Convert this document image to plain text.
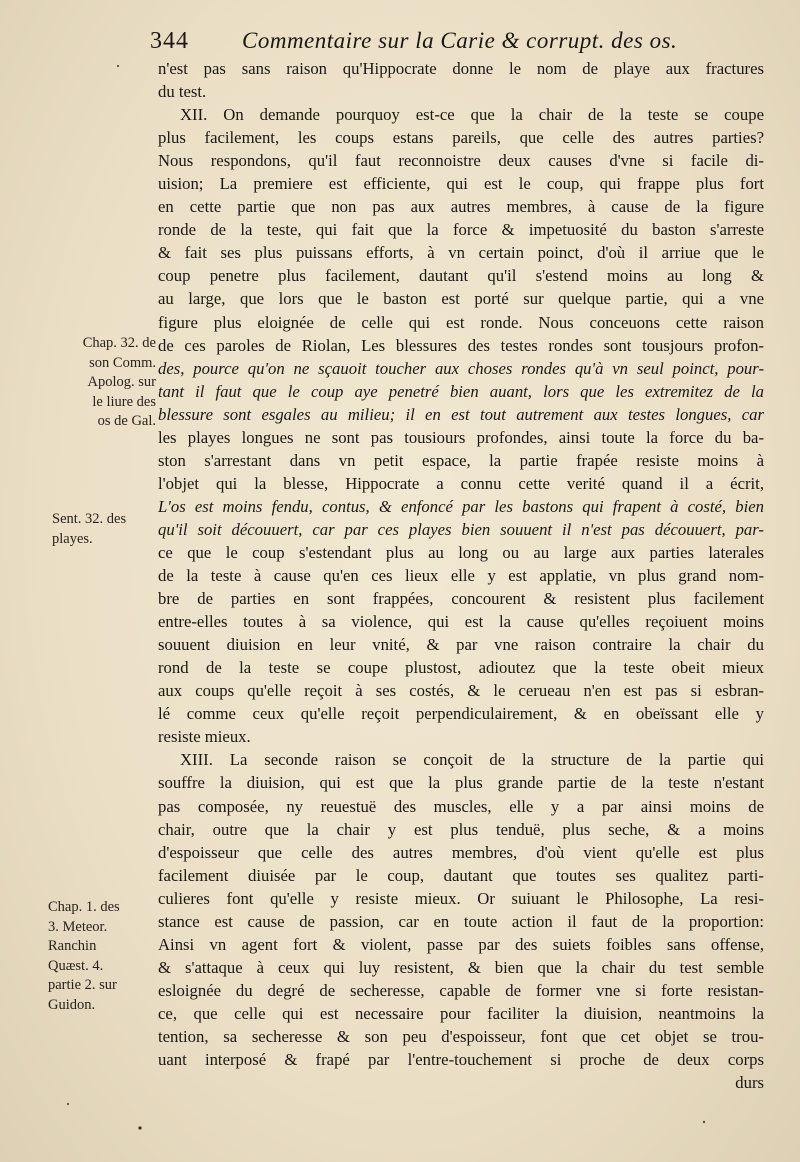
344 Commentaire sur la Carie & corrupt. des os.
Chap. 32. de
son Comm.
Apolog. sur
le liure des
os de Gal.
Sent. 32. des
playes.
Chap. 1. des
3. Meteor.
Ranchin
Quæst. 4.
partie 2. sur
Guidon.
n'est pas sans raison qu'Hippocrate donne le nom de playe aux fractures
du test.
XII. On demande pourquoy est-ce que la chair de la teste se coupe
plus facilement, les coups estans pareils, que celle des autres parties?
Nous respondons, qu'il faut reconnoistre deux causes d'vne si facile di-
uision; La premiere est efficiente, qui est le coup, qui frappe plus fort
en cette partie que non pas aux autres membres, à cause de la figure
ronde de la teste, qui fait que la force & impetuosité du baston s'arreste
& fait ses plus puissans efforts, à vn certain poinct, d'où il arriue que le
coup penetre plus facilement, dautant qu'il s'estend moins au long &
au large, que lors que le baston est porté sur quelque partie, qui a vne
figure plus eloignée de celle qui est ronde. Nous conceuons cette raison
de ces paroles de Riolan, Les blessures des testes rondes sont tousjours profon-
des, pource qu'on ne sçauoit toucher aux choses rondes qu'à vn seul poinct, pour-
tant il faut que le coup aye penetré bien auant, lors que les extremitez de la
blessure sont esgales au milieu; il en est tout autrement aux testes longues, car
les playes longues ne sont pas tousiours profondes, ainsi toute la force du ba-
ston s'arrestant dans vn petit espace, la partie frapée resiste moins à
l'objet qui la blesse, Hippocrate a connu cette verité quand il a écrit,
L'os est moins fendu, contus, & enfoncé par les bastons qui frapent à costé, bien
qu'il soit découuert, car par ces playes bien souuent il n'est pas découuert, par-
ce que le coup s'estendant plus au long ou au large aux parties laterales
de la teste à cause qu'en ces lieux elle y est applatie, vn plus grand nom-
bre de parties en sont frappées, concourent & resistent plus facilement
entre-elles toutes à sa violence, qui est la cause qu'elles reçoiuent moins
souuent diuision en leur vnité, & par vne raison contraire la chair du
rond de la teste se coupe plustost, adioutez que la teste obeit mieux
aux coups qu'elle reçoit à ses costés, & le cerueau n'en est pas si esbran-
lé comme ceux qu'elle reçoit perpendiculairement, & en obeïssant elle y
resiste mieux.
XIII. La seconde raison se conçoit de la structure de la partie qui
souffre la diuision, qui est que la plus grande partie de la teste n'estant
pas composée, ny reuestuë des muscles, elle y a par ainsi moins de
chair, outre que la chair y est plus tenduë, plus seche, & a moins
d'espoisseur que celle des autres membres, d'où vient qu'elle est plus
facilement diuisée par le coup, dautant que toutes ses qualitez parti-
culieres font qu'elle y resiste mieux. Or suiuant le Philosophe, La resi-
stance est cause de passion, car en toute action il faut de la proportion:
Ainsi vn agent fort & violent, passe par des suiets foibles sans offense,
& s'attaque à ceux qui luy resistent, & bien que la chair du test semble
esloignée du degré de secheresse, capable de former vne si forte resistan-
ce, que celle qui est necessaire pour faciliter la diuision, neantmoins la
tention, sa secheresse & son peu d'espoisseur, font que cet objet se trou-
uant interposé & frapé par l'entre-touchement si proche de deux corps
durs
